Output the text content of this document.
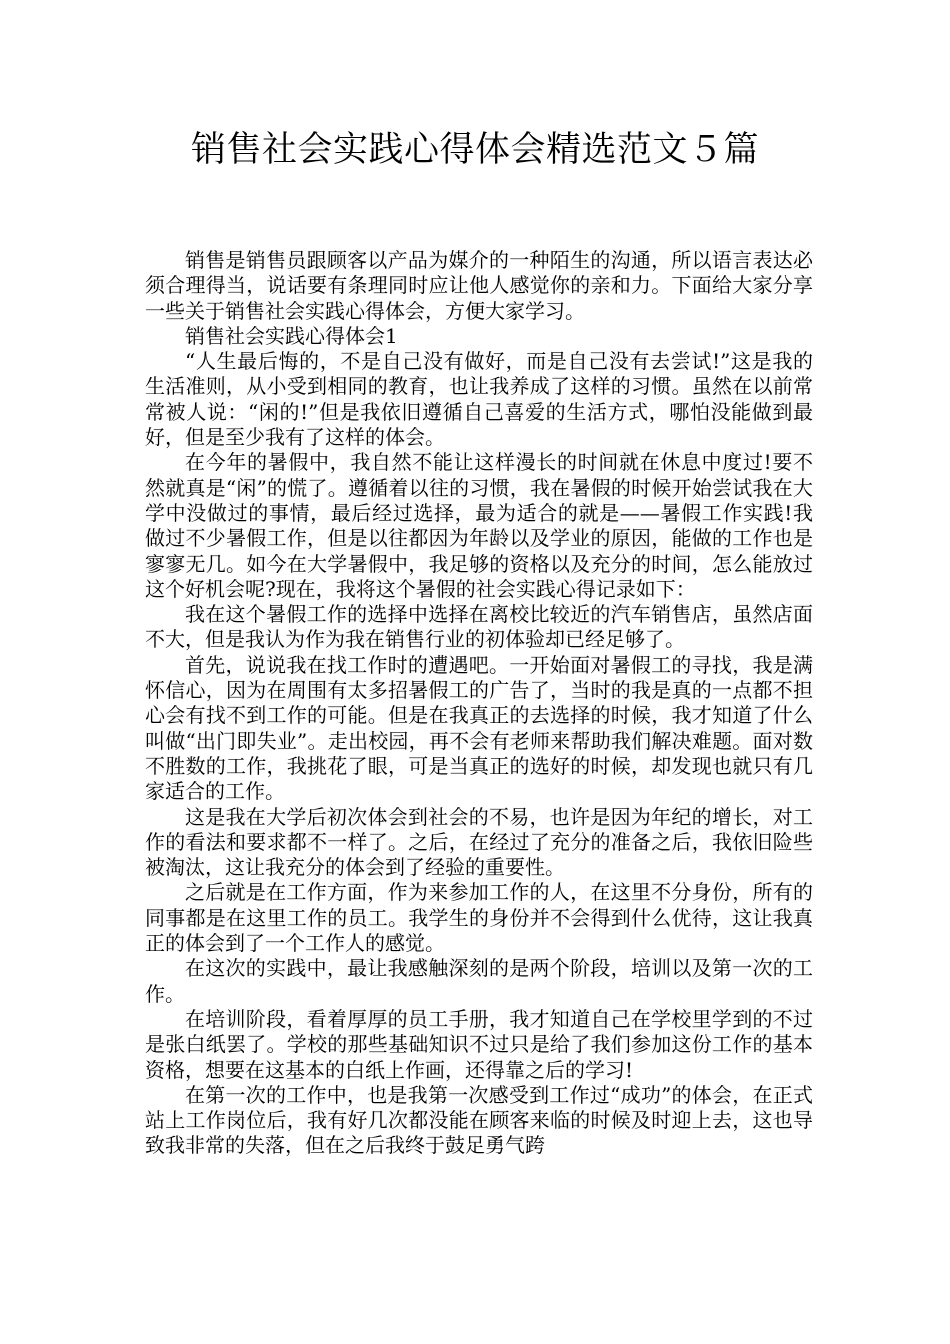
销售社会实践心得体会精选范文５篇

销售是销售员跟顾客以产品为媒介的一种陌生的沟通，所以语言表达必须合理得当，说话要有条理同时应让他人感觉你的亲和力。下面给大家分享一些关于销售社会实践心得体会，方便大家学习。

销售社会实践心得体会1

“人生最后悔的，不是自己没有做好，而是自己没有去尝试!”这是我的生活准则，从小受到相同的教育，也让我养成了这样的习惯。虽然在以前常常被人说：“闲的!”但是我依旧遵循自己喜爱的生活方式，哪怕没能做到最好，但是至少我有了这样的体会。

在今年的暑假中，我自然不能让这样漫长的时间就在休息中度过!要不然就真是“闲”的慌了。遵循着以往的习惯，我在暑假的时候开始尝试我在大学中没做过的事情，最后经过选择，最为适合的就是——暑假工作实践!我做过不少暑假工作，但是以往都因为年龄以及学业的原因，能做的工作也是寥寥无几。如今在大学暑假中，我足够的资格以及充分的时间，怎么能放过这个好机会呢?现在，我将这个暑假的社会实践心得记录如下：

我在这个暑假工作的选择中选择在离校比较近的汽车销售店，虽然店面不大，但是我认为作为我在销售行业的初体验却已经足够了。

首先，说说我在找工作时的遭遇吧。一开始面对暑假工的寻找，我是满怀信心，因为在周围有太多招暑假工的广告了，当时的我是真的一点都不担心会有找不到工作的可能。但是在我真正的去选择的时候，我才知道了什么叫做“出门即失业”。走出校园，再不会有老师来帮助我们解决难题。面对数不胜数的工作，我挑花了眼，可是当真正的选好的时候，却发现也就只有几家适合的工作。

这是我在大学后初次体会到社会的不易，也许是因为年纪的增长，对工作的看法和要求都不一样了。之后，在经过了充分的准备之后，我依旧险些被淘汰，这让我充分的体会到了经验的重要性。

之后就是在工作方面，作为来参加工作的人，在这里不分身份，所有的同事都是在这里工作的员工。我学生的身份并不会得到什么优待，这让我真正的体会到了一个工作人的感觉。

在这次的实践中，最让我感触深刻的是两个阶段，培训以及第一次的工作。

在培训阶段，看着厚厚的员工手册，我才知道自己在学校里学到的不过是张白纸罢了。学校的那些基础知识不过只是给了我们参加这份工作的基本资格，想要在这基本的白纸上作画，还得靠之后的学习!

在第一次的工作中，也是我第一次感受到工作过“成功”的体会，在正式站上工作岗位后，我有好几次都没能在顾客来临的时候及时迎上去，这也导致我非常的失落，但在之后我终于鼓足勇气跨
